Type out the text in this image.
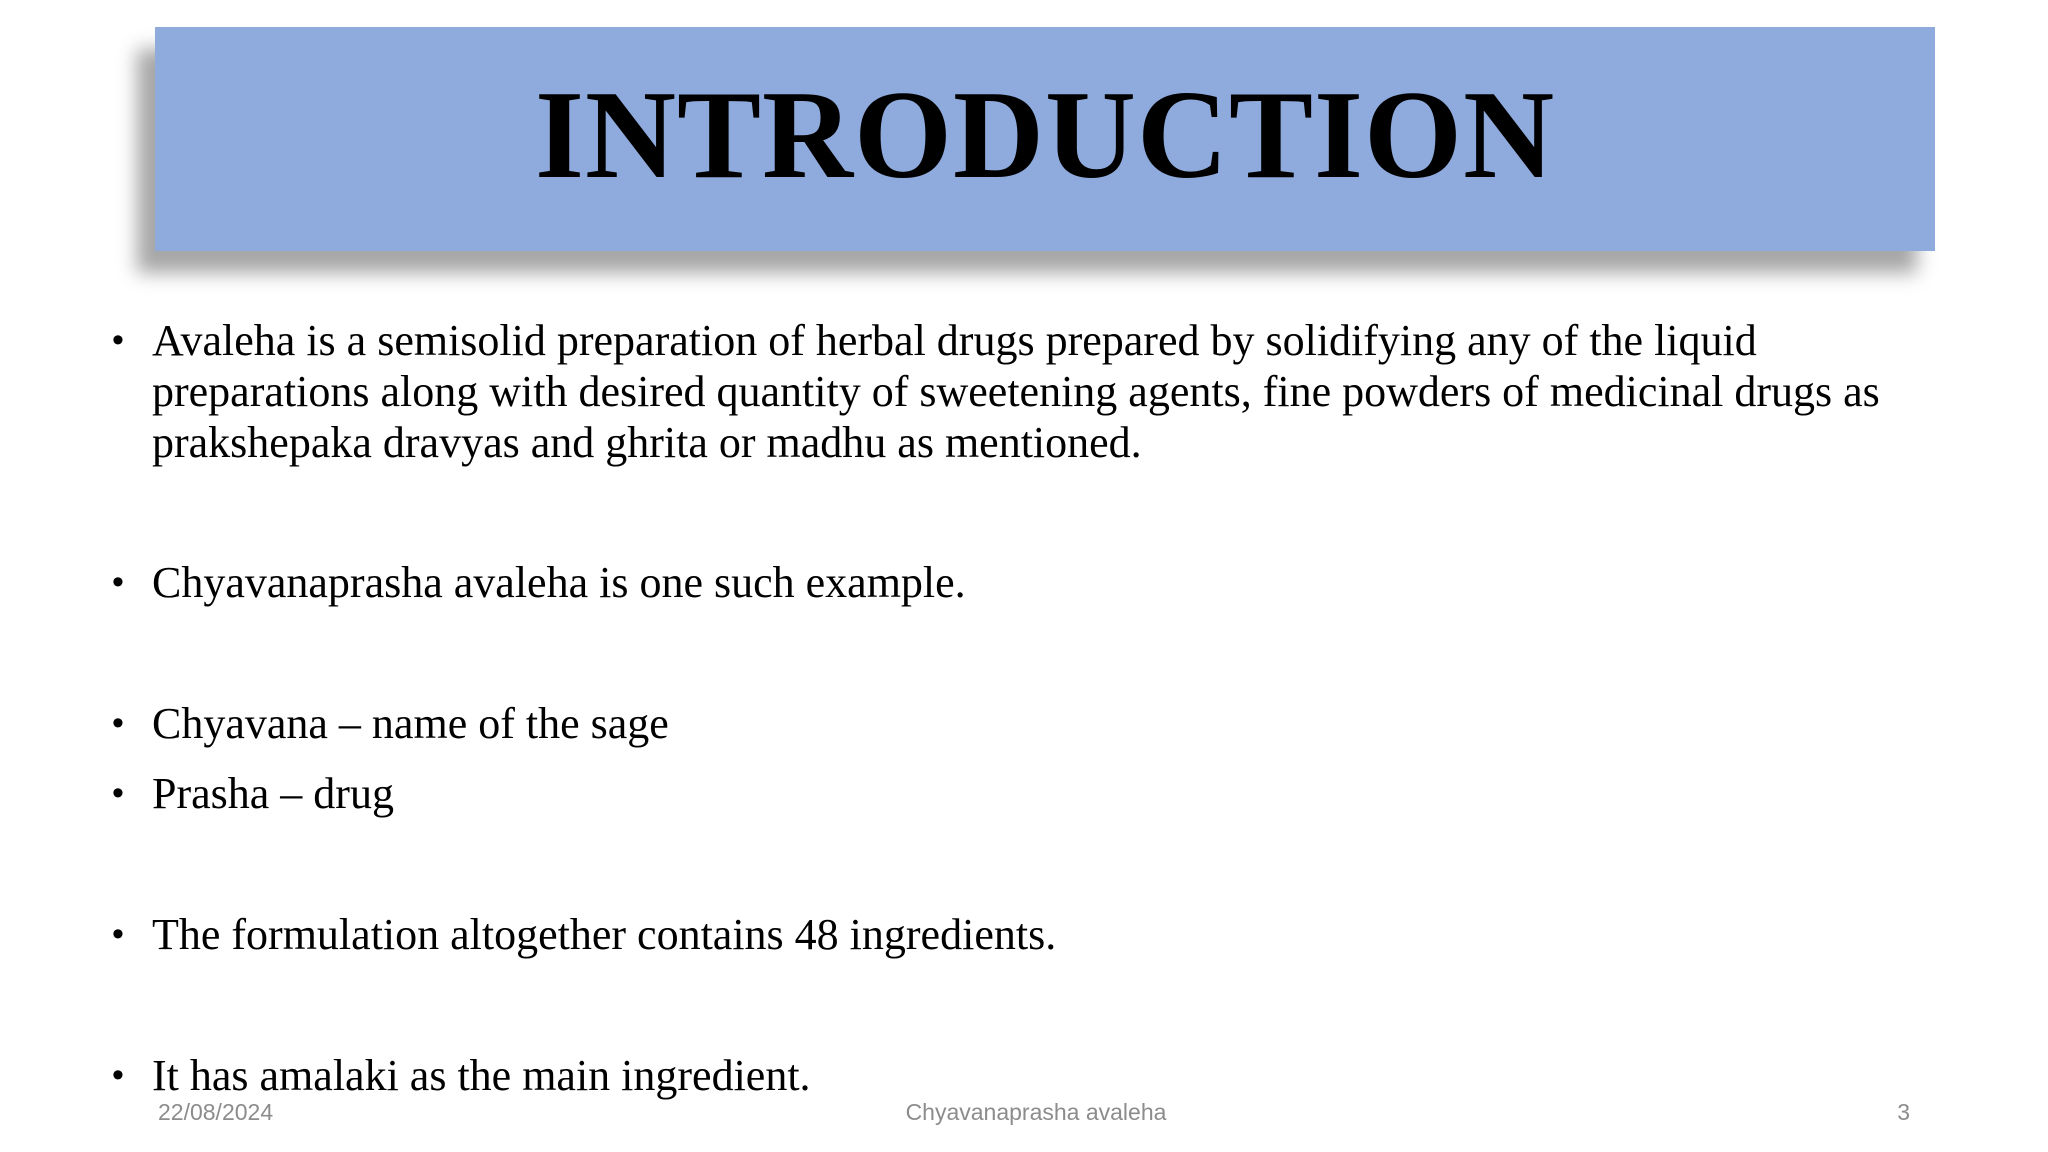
INTRODUCTION
• Avaleha is a semisolid preparation of herbal drugs prepared by solidifying any of the liquid preparations along with desired quantity of sweetening agents, fine powders of medicinal drugs as prakshepaka dravyas and ghrita or madhu as mentioned.
• Chyavanaprasha avaleha is one such example.
• Chyavana – name of the sage
• Prasha – drug
• The formulation altogether contains 48 ingredients.
• It has amalaki as the main ingredient.
22/08/2024	Chyavanaprasha avaleha	3
